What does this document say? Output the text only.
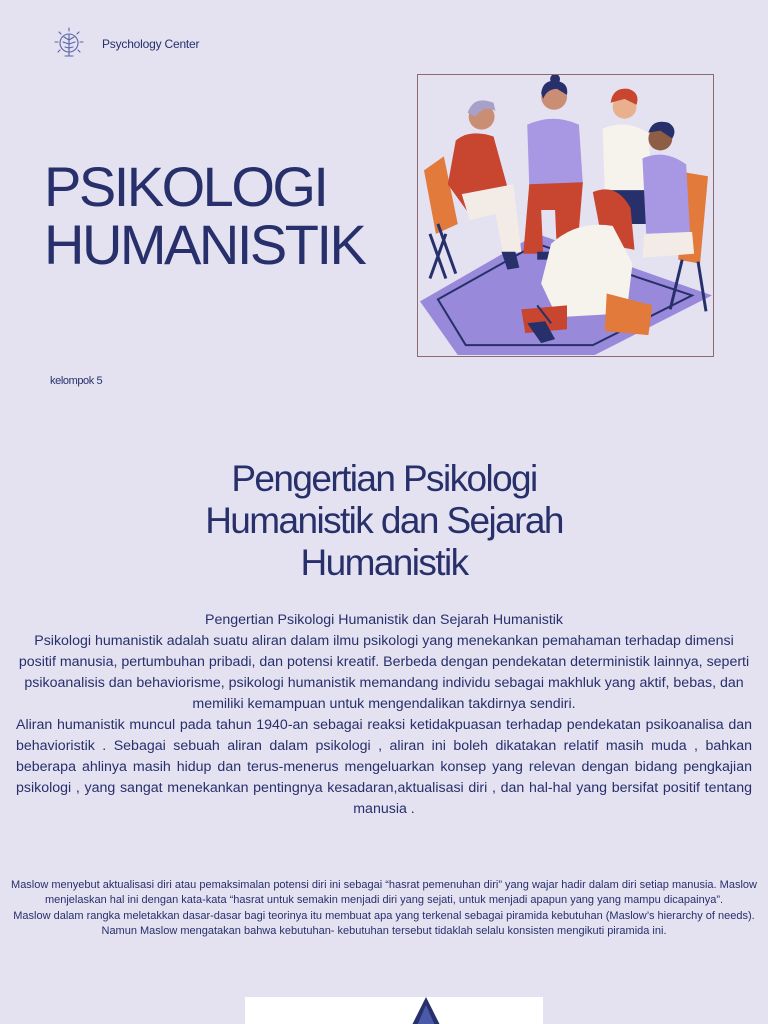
Psychology Center
PSIKOLOGI
HUMANISTIK
kelompok 5
Pengertian Psikologi
Humanistik dan Sejarah
Humanistik

Pengertian Psikologi Humanistik dan Sejarah Humanistik

Psikologi humanistik adalah suatu aliran dalam ilmu psikologi yang menekankan pemahaman terhadap dimensi positif manusia, pertumbuhan pribadi, dan potensi kreatif. Berbeda dengan pendekatan deterministik lainnya, seperti psikoanalisis dan behaviorisme, psikologi humanistik memandang individu sebagai makhluk yang aktif, bebas, dan memiliki kemampuan untuk mengendalikan takdirnya sendiri.

Aliran humanistik muncul pada tahun 1940-an sebagai reaksi ketidakpuasan terhadap pendekatan psikoanalisa dan behavioristik . Sebagai sebuah aliran dalam psikologi , aliran ini boleh dikatakan relatif masih muda , bahkan beberapa ahlinya masih hidup dan terus-menerus mengeluarkan konsep yang relevan dengan bidang pengkajian psikologi , yang sangat menekankan pentingnya kesadaran,aktualisasi diri , dan hal-hal yang bersifat positif tentang manusia .

Maslow menyebut aktualisasi diri atau pemaksimalan potensi diri ini sebagai “hasrat pemenuhan diri” yang wajar hadir dalam diri setiap manusia. Maslow menjelaskan hal ini dengan kata-kata “hasrat untuk semakin menjadi diri yang sejati, untuk menjadi apapun yang yang mampu dicapainya”.

Maslow dalam rangka meletakkan dasar-dasar bagi teorinya itu membuat apa yang terkenal sebagai piramida kebutuhan (Maslow’s hierarchy of needs). Namun Maslow mengatakan bahwa kebutuhan- kebutuhan tersebut tidaklah selalu konsisten mengikuti piramida ini.
